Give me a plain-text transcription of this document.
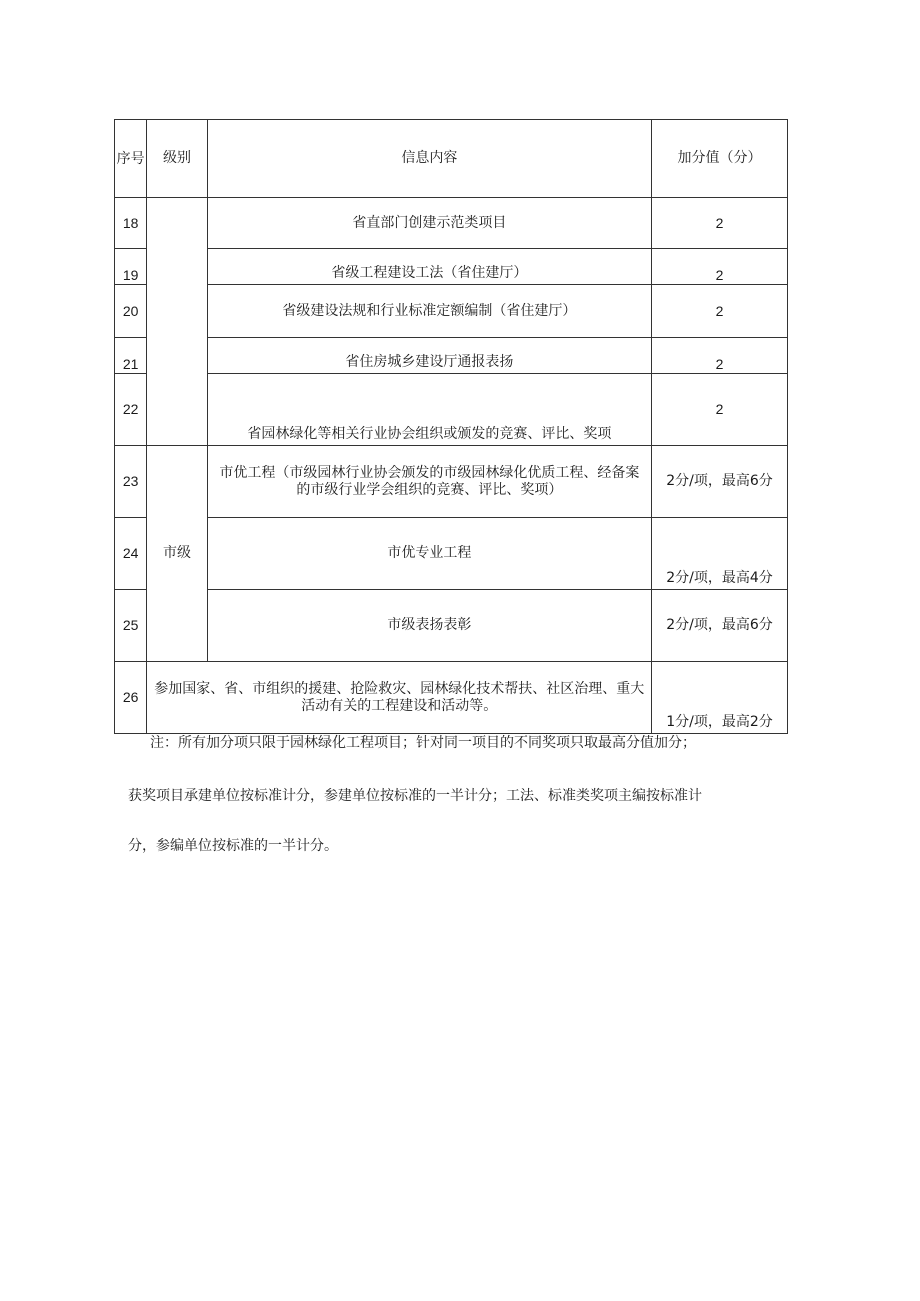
序号	级别	信息内容	加分值（分）
18		省直部门创建示范类项目	2
19		省级工程建设工法（省住建厅）	2
20		省级建设法规和行业标准定额编制（省住建厅）	2
21		省住房城乡建设厅通报表扬	2
22		省园林绿化等相关行业协会组织或颁发的竞赛、评比、奖项	2
23	市级	市优工程（市级园林行业协会颁发的市级园林绿化优质工程、经备案的市级行业学会组织的竞赛、评比、奖项）	2分/项，最高6分
24		市优专业工程	2分/项，最高4分
25		市级表扬表彰	2分/项，最高6分
26	参加国家、省、市组织的援建、抢险救灾、园林绿化技术帮扶、社区治理、重大活动有关的工程建设和活动等。		1分/项，最高2分

注：所有加分项只限于园林绿化工程项目；针对同一项目的不同奖项只取最高分值加分；

获奖项目承建单位按标准计分，参建单位按标准的一半计分；工法、标准类奖项主编按标准计

分，参编单位按标准的一半计分。
